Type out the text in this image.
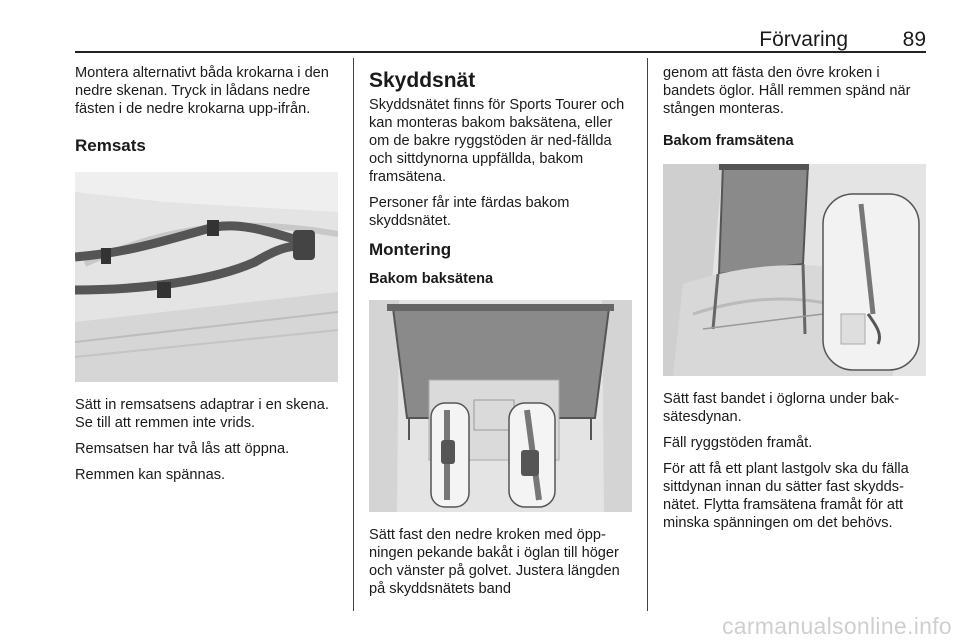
Förvaring	89

Montera alternativt båda krokarna i den nedre skenan. Tryck in lådans nedre fästen i de nedre krokarna upp-ifrån.

Remsats

Sätt in remsatsens adaptrar i en skena. Se till att remmen inte vrids.

Remsatsen har två lås att öppna.

Remmen kan spännas.

Skyddsnät

Skyddsnätet finns för Sports Tourer och kan monteras bakom baksätena, eller om de bakre ryggstöden är ned-fällda och sittdynorna uppfällda, bakom framsätena.

Personer får inte färdas bakom skyddsnätet.

Montering
Bakom baksätena

Sätt fast den nedre kroken med öpp-ningen pekande bakåt i öglan till höger och vänster på golvet. Justera längden på skyddsnätets band

genom att fästa den övre kroken i bandets öglor. Håll remmen spänd när stången monteras.

Bakom framsätena

Sätt fast bandet i öglorna under bak-sätesdynan.

Fäll ryggstöden framåt.

För att få ett plant lastgolv ska du fälla sittdynan innan du sätter fast skydds-nätet. Flytta framsätena framåt för att minska spänningen om det behövs.

carmanualsonline.info
